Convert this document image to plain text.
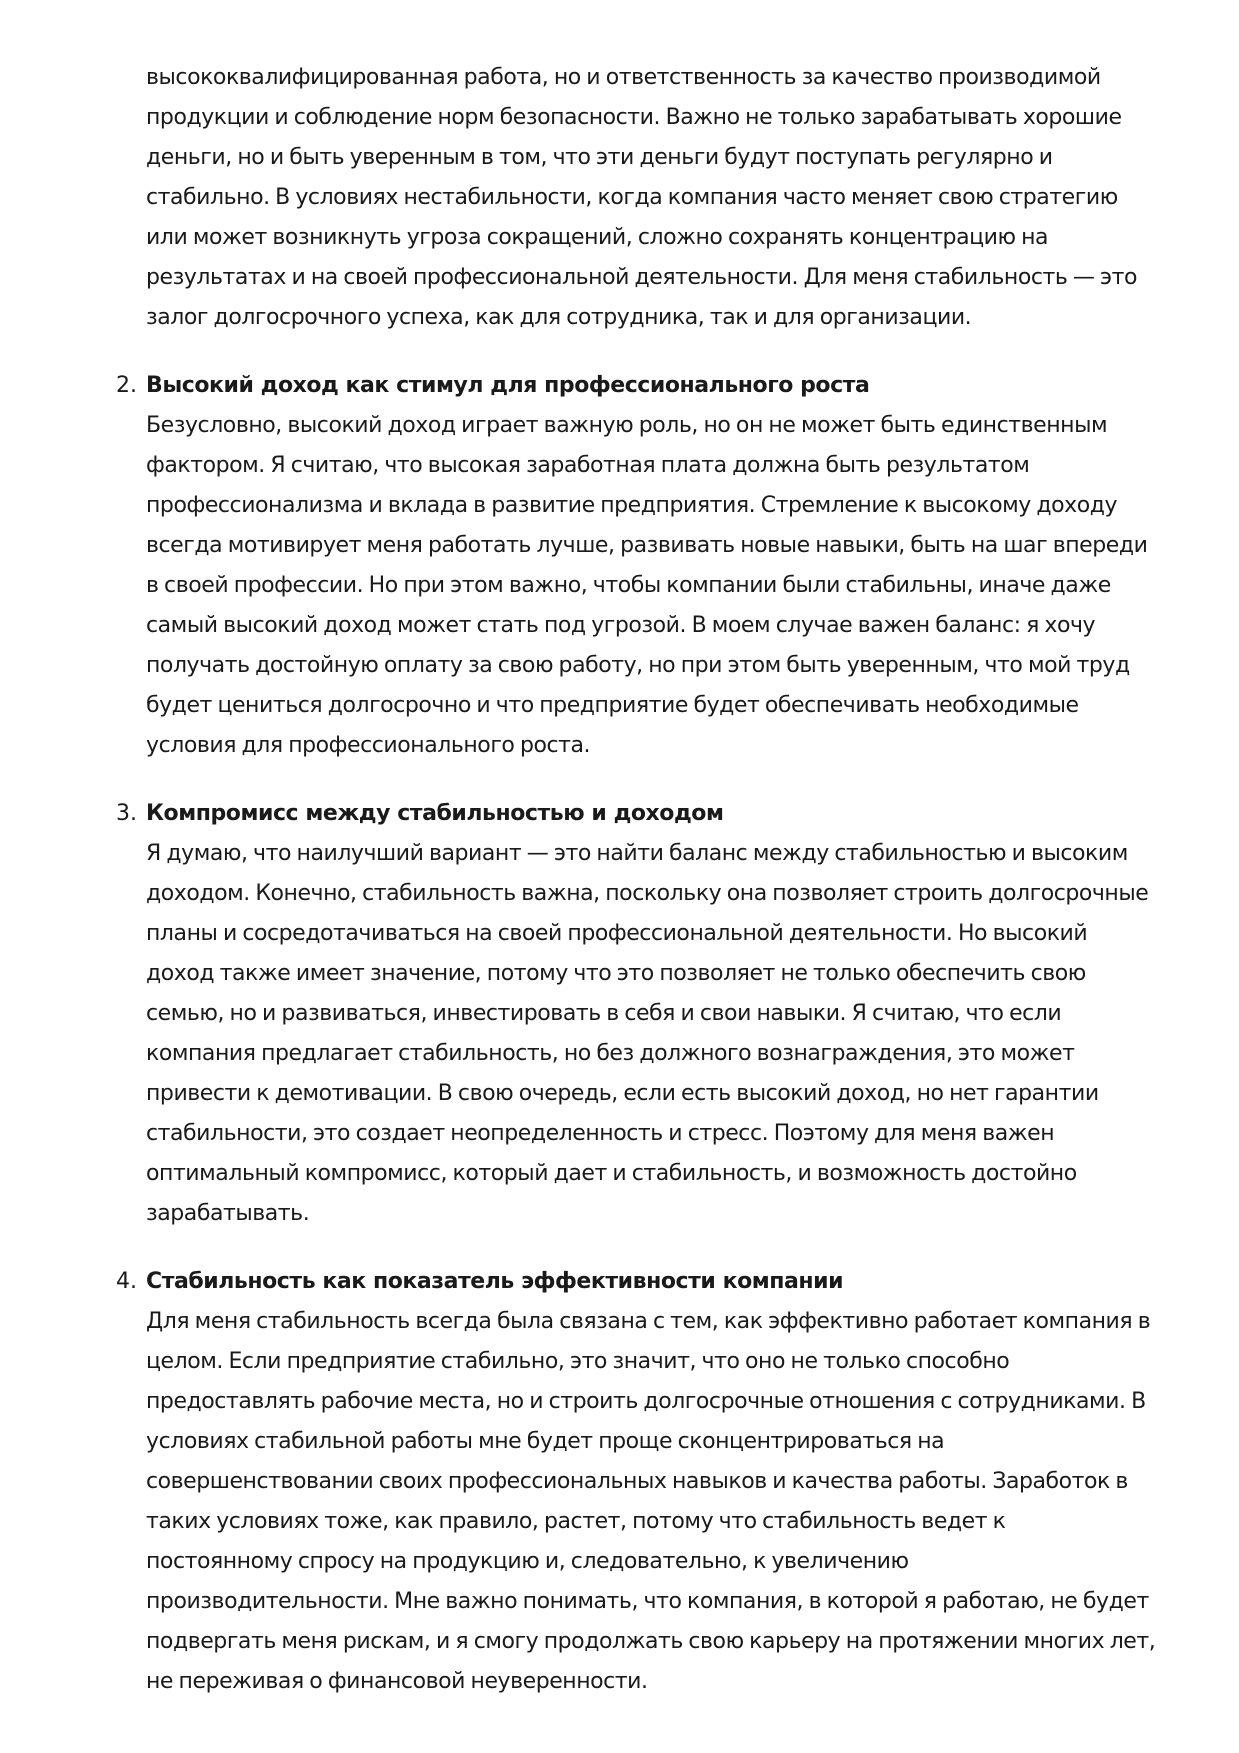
высококвалифицированная работа, но и ответственность за качество производимой продукции и соблюдение норм безопасности. Важно не только зарабатывать хорошие деньги, но и быть уверенным в том, что эти деньги будут поступать регулярно и стабильно. В условиях нестабильности, когда компания часто меняет свою стратегию или может возникнуть угроза сокращений, сложно сохранять концентрацию на результатах и на своей профессиональной деятельности. Для меня стабильность — это залог долгосрочного успеха, как для сотрудника, так и для организации.
2. Высокий доход как стимул для профессионального роста
Безусловно, высокий доход играет важную роль, но он не может быть единственным фактором. Я считаю, что высокая заработная плата должна быть результатом профессионализма и вклада в развитие предприятия. Стремление к высокому доходу всегда мотивирует меня работать лучше, развивать новые навыки, быть на шаг впереди в своей профессии. Но при этом важно, чтобы компании были стабильны, иначе даже самый высокий доход может стать под угрозой. В моем случае важен баланс: я хочу получать достойную оплату за свою работу, но при этом быть уверенным, что мой труд будет цениться долгосрочно и что предприятие будет обеспечивать необходимые условия для профессионального роста.
3. Компромисс между стабильностью и доходом
Я думаю, что наилучший вариант — это найти баланс между стабильностью и высоким доходом. Конечно, стабильность важна, поскольку она позволяет строить долгосрочные планы и сосредотачиваться на своей профессиональной деятельности. Но высокий доход также имеет значение, потому что это позволяет не только обеспечить свою семью, но и развиваться, инвестировать в себя и свои навыки. Я считаю, что если компания предлагает стабильность, но без должного вознаграждения, это может привести к демотивации. В свою очередь, если есть высокий доход, но нет гарантии стабильности, это создает неопределенность и стресс. Поэтому для меня важен оптимальный компромисс, который дает и стабильность, и возможность достойно зарабатывать.
4. Стабильность как показатель эффективности компании
Для меня стабильность всегда была связана с тем, как эффективно работает компания в целом. Если предприятие стабильно, это значит, что оно не только способно предоставлять рабочие места, но и строить долгосрочные отношения с сотрудниками. В условиях стабильной работы мне будет проще сконцентрироваться на совершенствовании своих профессиональных навыков и качества работы. Заработок в таких условиях тоже, как правило, растет, потому что стабильность ведет к постоянному спросу на продукцию и, следовательно, к увеличению производительности. Мне важно понимать, что компания, в которой я работаю, не будет подвергать меня рискам, и я смогу продолжать свою карьеру на протяжении многих лет, не переживая о финансовой неуверенности.
